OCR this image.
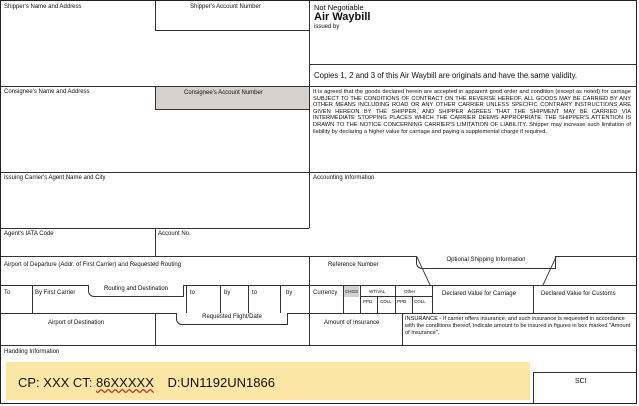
Shipper's Name and Address	Shipper's Account Number	Not Negotiable
Air Waybill
issued by
Copies 1, 2 and 3 of this Air Waybill are originals and have the same validity.
Consignee's Name and Address	Consignee's Account Number	It is agreed that the goods declared herein are accepted in apparent good order and condition (except as noted) for carriage SUBJECT TO THE CONDITIONS OF CONTRACT ON THE REVERSE HEREOF. ALL GOODS MAY BE CARRIED BY ANY OTHER MEANS INCLUDING ROAD OR ANY OTHER CARRIER UNLESS SPECIFIC CONTRARY INSTRUCTIONS ARE GIVEN HEREON BY THE SHIPPER, AND SHIPPER AGREES THAT THE SHIPMENT MAY BE CARRIED VIA INTERMEDIATE STOPPING PLACES WHICH THE CARRIER DEEMS APPROPRIATE. THE SHIPPER'S ATTENTION IS DRAWN TO THE NOTICE CONCERNING CARRIER'S LIMITATION OF LIABILITY. Shipper may increase such limitation of liability by declaring a higher value for carriage and paying a supplemental charge if required.
Issuing Carrier's Agent Name and City	Accounting Information
Agent's IATA Code	Account No.
Airport of Departure (Addr. of First Carrier) and Requested Routing	Reference Number
Optional Shipping Information
To	By First Carrier
Routing and Destination
to	by	to	by	Currency CHGS WT/VAL	Other
PPD COLL PPD COLL
Declared Value for Carriage	Declared Value for Customs
Airport of Destination
Requested Flight/Date
Amount of Insurance
INSURANCE - If carrier offers insurance, and such insurance is requested in accordance with the conditions thereof, indicate amount to be insured in figures in box marked "Amount of Insurance".
Handling Information
CP: XXX CT: 86XXXXX D:UN1192UN1866	SCI
